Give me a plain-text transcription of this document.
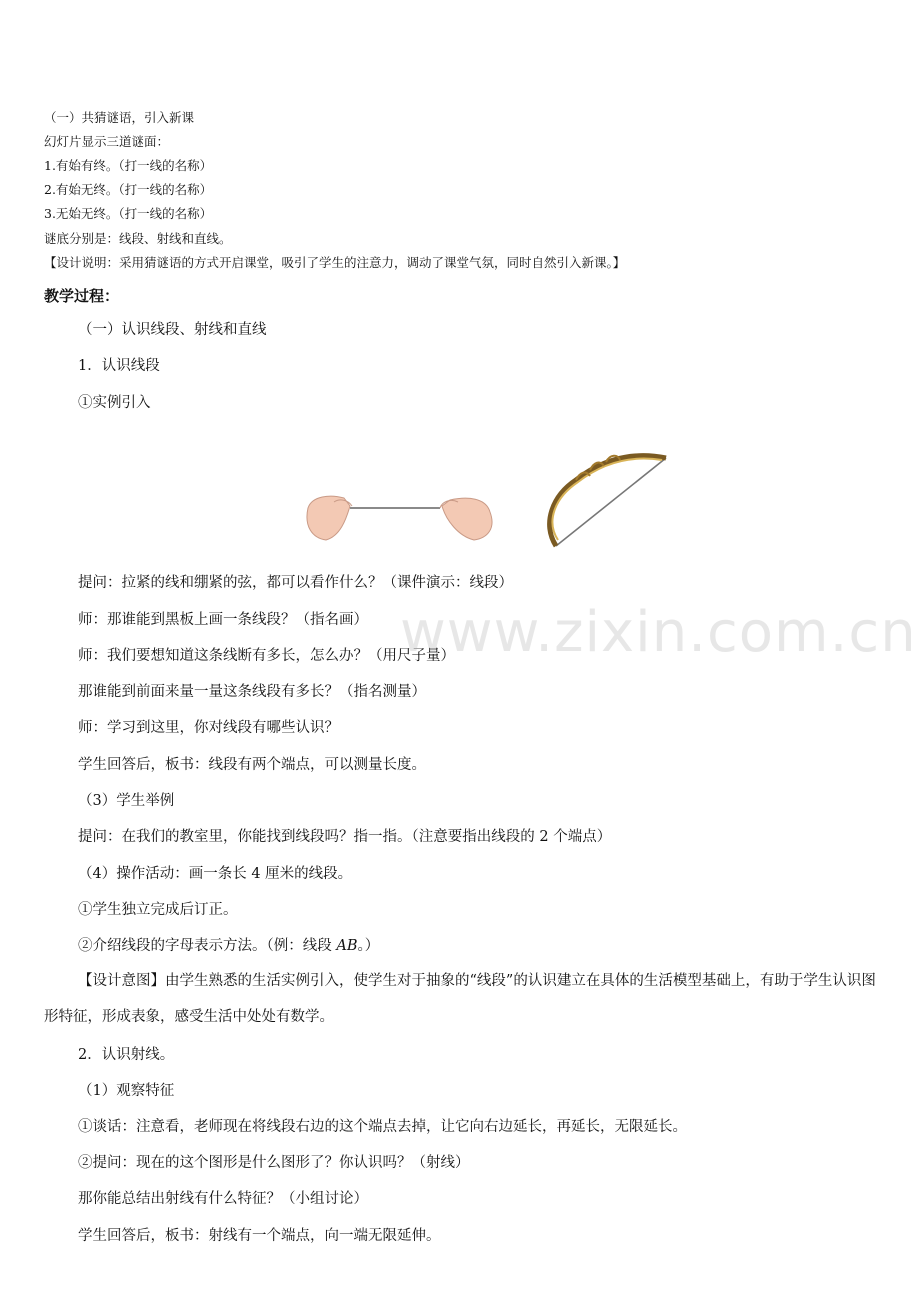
（一）共猜谜语，引入新课
幻灯片显示三道谜面：
1.有始有终。（打一线的名称）
2.有始无终。（打一线的名称）
3.无始无终。（打一线的名称）
谜底分别是：线段、射线和直线。
【设计说明：采用猜谜语的方式开启课堂，吸引了学生的注意力，调动了课堂气氛，同时自然引入新课。】
教学过程：
（一）认识线段、射线和直线
1．认识线段
①实例引入
提问：拉紧的线和绷紧的弦，都可以看作什么？（课件演示：线段）
师：那谁能到黑板上画一条线段？（指名画）
师：我们要想知道这条线断有多长，怎么办？（用尺子量）
那谁能到前面来量一量这条线段有多长？（指名测量）
师：学习到这里，你对线段有哪些认识？
学生回答后，板书：线段有两个端点，可以测量长度。
（3）学生举例
提问：在我们的教室里，你能找到线段吗？指一指。（注意要指出线段的 2 个端点）
（4）操作活动：画一条长 4 厘米的线段。
①学生独立完成后订正。
②介绍线段的字母表示方法。（例：线段 AB。）
【设计意图】由学生熟悉的生活实例引入，使学生对于抽象的“线段”的认识建立在具体的生活模型基础上，有助于学生认识图形特征，形成表象，感受生活中处处有数学。
2．认识射线。
（1）观察特征
①谈话：注意看，老师现在将线段右边的这个端点去掉，让它向右边延长，再延长，无限延长。
②提问：现在的这个图形是什么图形了？你认识吗？（射线）
那你能总结出射线有什么特征？（小组讨论）
学生回答后，板书：射线有一个端点，向一端无限延伸。
www.zixin.com.cn
